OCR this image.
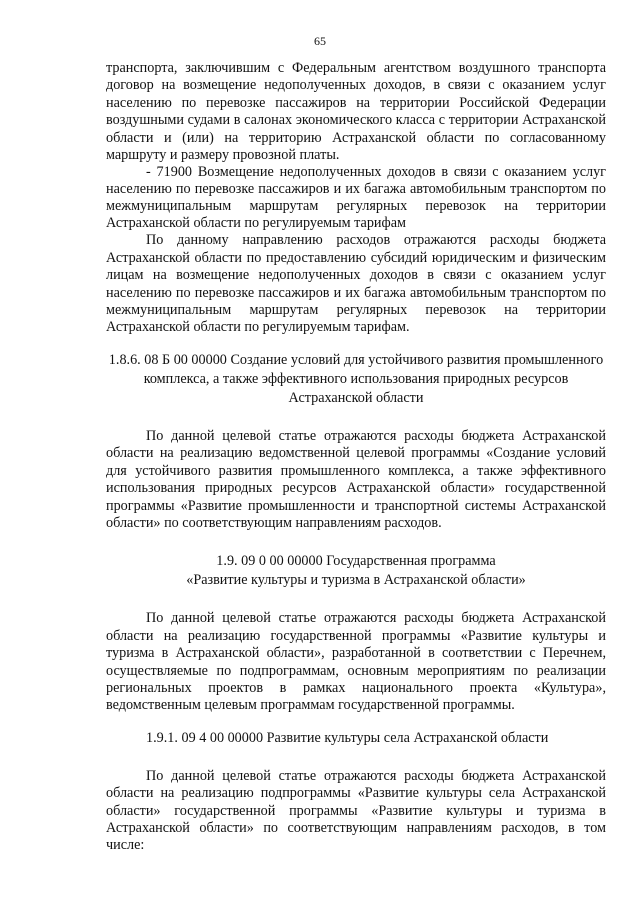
65

транспорта, заключившим с Федеральным агентством воздушного транспорта договор на возмещение недополученных доходов, в связи с оказанием услуг населению по перевозке пассажиров на территории Российской Федерации воздушными судами в салонах экономического класса с территории Астраханской области и (или) на территорию Астраханской области по согласованному маршруту и размеру провозной платы.

- 71900 Возмещение недополученных доходов в связи с оказанием услуг населению по перевозке пассажиров и их багажа автомобильным транспортом по межмуниципальным маршрутам регулярных перевозок на территории Астраханской области по регулируемым тарифам

По данному направлению расходов отражаются расходы бюджета Астраханской области по предоставлению субсидий юридическим и физическим лицам на возмещение недополученных доходов в связи с оказанием услуг населению по перевозке пассажиров и их багажа автомобильным транспортом по межмуниципальным маршрутам регулярных перевозок на территории Астраханской области по регулируемым тарифам.

1.8.6. 08 Б 00 00000 Создание условий для устойчивого развития промышленного комплекса, а также эффективного использования природных ресурсов Астраханской области

По данной целевой статье отражаются расходы бюджета Астраханской области на реализацию ведомственной целевой программы «Создание условий для устойчивого развития промышленного комплекса, а также эффективного использования природных ресурсов Астраханской области» государственной программы «Развитие промышленности и транспортной системы Астраханской области» по соответствующим направлениям расходов.

1.9. 09 0 00 00000 Государственная программа

«Развитие культуры и туризма в Астраханской области»

По данной целевой статье отражаются расходы бюджета Астраханской области на реализацию государственной программы «Развитие культуры и туризма в Астраханской области», разработанной в соответствии с Перечнем, осуществляемые по подпрограммам, основным мероприятиям по реализации региональных проектов в рамках национального проекта «Культура», ведомственным целевым программам государственной программы.

1.9.1. 09 4 00 00000 Развитие культуры села Астраханской области

По данной целевой статье отражаются расходы бюджета Астраханской области на реализацию подпрограммы «Развитие культуры села Астраханской области» государственной программы «Развитие культуры и туризма в Астраханской области» по соответствующим направлениям расходов, в том числе:
